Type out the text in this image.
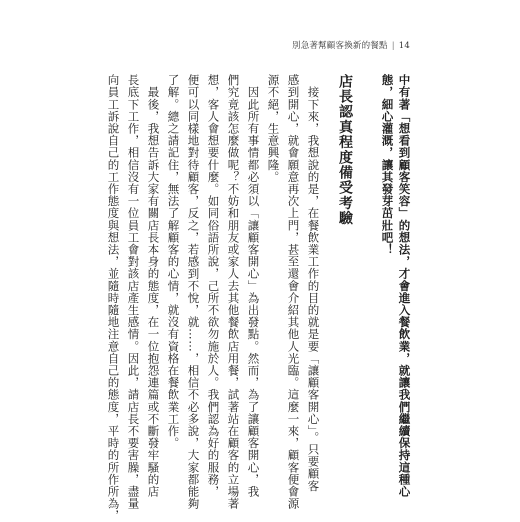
別急著幫顧客換新的餐點 | 14
中有著「想看到顧客笑容」的想法，才會進入餐飲業，就讓我們繼續保持這種心
態，細心灌溉，讓其發芽茁壯吧！
店長認真程度備受考驗
　接下來，我想說的是，在餐飲業工作的目的就是要「讓顧客開心」。只要顧客
感到開心，就會願意再次上門，甚至還會介紹其他人光臨。這麼一來，顧客便會源
源不絕，生意興隆。
　因此所有事情都必須以「讓顧客開心」為出發點。然而，為了讓顧客開心，我
們究竟該怎麼做呢？不妨和朋友或家人去其他餐飲店用餐，試著站在顧客的立場著
想，客人會想要什麼。如同俗語所說，己所不欲勿施於人。我們認為好的服務，
便可以同樣地對待顧客，反之，若感到不悅，就……，相信不必多說，大家都能夠
了解。總之請記住，無法了解顧客的心情，就沒有資格在餐飲業工作。
　最後，我想告訴大家有關店長本身的態度，在一位抱怨連篇或不斷發牢騷的店
長底下工作，相信沒有一位員工會對該店產生感情。因此，請店長不要害臊，盡量
向員工訴說自己的工作態度與想法，並隨時隨地注意自己的態度，平時的所作所為，
